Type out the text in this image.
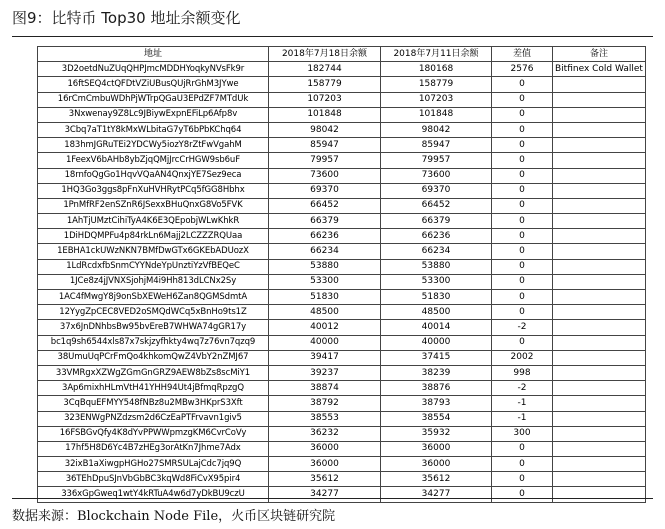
图9：比特币 Top30 地址余额变化
地址	2018年7月18日余额	2018年7月11日余额	差值	备注
3D2oetdNuZUqQHPJmcMDDHYoqkyNVsFk9r	182744	180168	2576	Bitfinex Cold Wallet
16ftSEQ4ctQFDtVZiUBusQUjRrGhM3JYwe	158779	158779	0	
16rCmCmbuWDhPjWTrpQGaU3EPdZF7MTdUk	107203	107203	0	
3Nxwenay9Z8Lc9JBiywExpnEFiLp6Afp8v	101848	101848	0	
3Cbq7aT1tY8kMxWLbitaG7yT6bPbKChq64	98042	98042	0	
183hmJGRuTEi2YDCWy5iozY8rZtFwVgahM	85947	85947	0	
1FeexV6bAHb8ybZjqQMjJrcCrHGW9sb6uF	79957	79957	0	
18rnfoQgGo1HqvVQaAN4QnxjYE7Sez9eca	73600	73600	0	
1HQ3Go3ggs8pFnXuHVHRytPCq5fGG8Hbhx	69370	69370	0	
1PnMfRF2enSZnR6JSexxBHuQnxG8Vo5FVK	66452	66452	0	
1AhTjUMztCihiTyA4K6E3QEpobjWLwKhkR	66379	66379	0	
1DiHDQMPFu4p84rkLn6Majj2LCZZZRQUaa	66236	66236	0	
1EBHA1ckUWzNKN7BMfDwGTx6GKEbADUozX	66234	66234	0	
1LdRcdxfbSnmCYYNdeYpUnztiYzVfBEQeC	53880	53880	0	
1JCe8z4jJVNXSjohjM4i9Hh813dLCNx2Sy	53300	53300	0	
1AC4fMwgY8j9onSbXEWeH6Zan8QGMSdmtA	51830	51830	0	
12YygZpCEC8VED2oSMQdWCq5xBnHo9ts1Z	48500	48500	0	
37x6JnDNhbsBw95bvEreB7WHWA74gGR17y	40012	40014	-2	
bc1q9sh6544xls87x7skjzyfhkty4wq7z76vn7qzq9	40000	40000	0	
38UmuUqPCrFmQo4khkomQwZ4VbY2nZMJ67	39417	37415	2002	
33VMRgxXZWgZGmGnGRZ9AEW8bZs8scMiY1	39237	38239	998	
3Ap6mixhHLmVtH41YHH94Ut4jBfmqRpzgQ	38874	38876	-2	
3CqBquEFMYY548fNBz8u2MBw3HKprS3Xft	38792	38793	-1	
323ENWgPNZdzsm2d6CzEaPTFrvavn1giv5	38553	38554	-1	
16FSBGvQfy4K8dYvPPWWpmzgKM6CvrCoVy	36232	35932	300	
17hf5H8D6Yc4B7zHEg3orAtKn7Jhme7Adx	36000	36000	0	
32ixB1aXiwgpHGHo27SMRSULajCdc7jq9Q	36000	36000	0	
36TEhDpuSJnVbGbBC3kqWd8FiCvX95pir4	35612	35612	0	
336xGpGweq1wtY4kRTuA4w6d7yDkBU9czU	34277	34277	0	
数据来源：Blockchain Node File，火币区块链研究院
